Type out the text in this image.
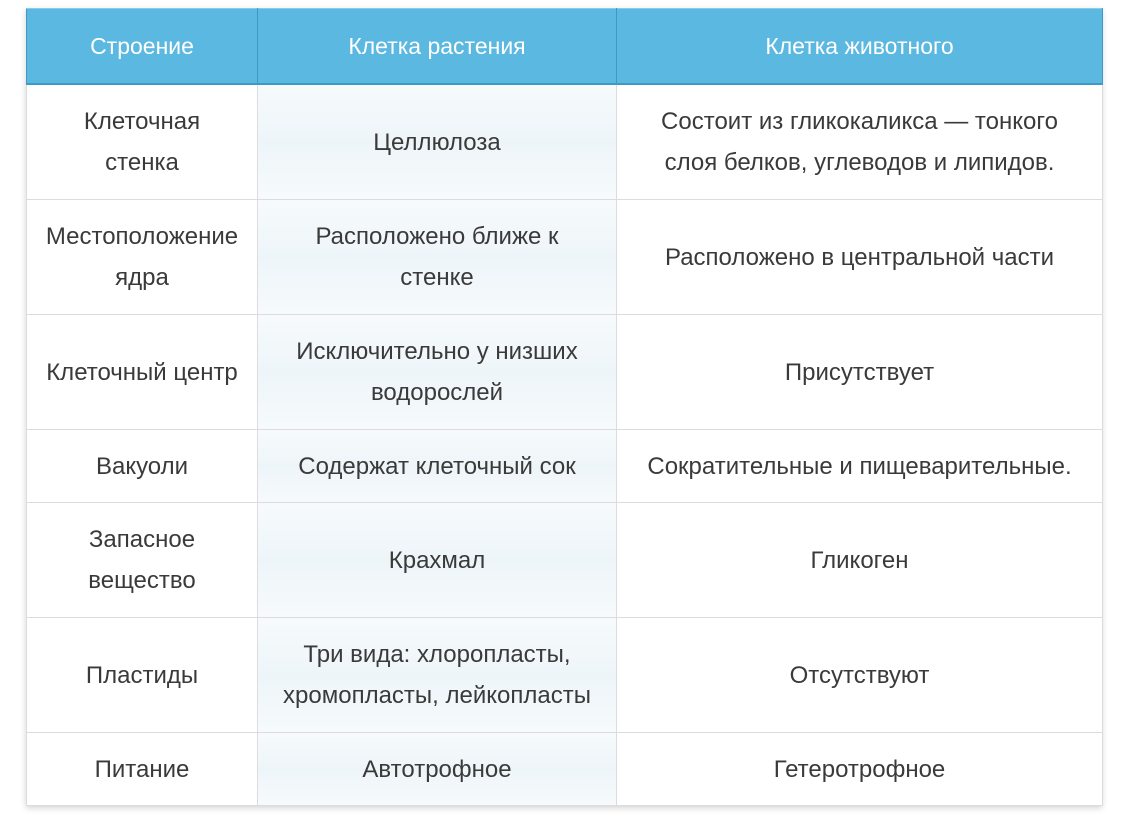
Строение	Клетка растения	Клетка животного
Клеточная стенка	Целлюлоза	Состоит из гликокаликса — тонкого слоя белков, углеводов и липидов.
Местоположение ядра	Расположено ближе к стенке	Расположено в центральной части
Клеточный центр	Исключительно у низших водорослей	Присутствует
Вакуоли	Содержат клеточный сок	Сократительные и пищеварительные.
Запасное вещество	Крахмал	Гликоген
Пластиды	Три вида: хлоропласты, хромопласты, лейкопласты	Отсутствуют
Питание	Автотрофное	Гетеротрофное
